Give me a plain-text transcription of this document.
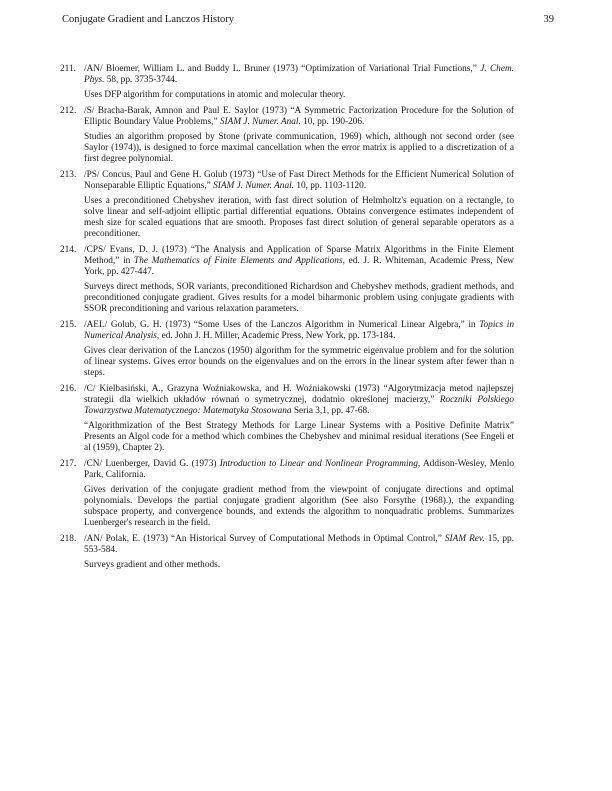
Conjugate Gradient and Lanczos History	39
211. /AN/ Bloemer, William L. and Buddy L. Bruner (1973) “Optimization of Variational Trial Functions,” J. Chem. Phys. 58, pp. 3735-3744.
Uses DFP algorithm for computations in atomic and molecular theory.
212. /S/ Bracha-Barak, Amnon and Paul E. Saylor (1973) “A Symmetric Factorization Procedure for the Solution of Elliptic Boundary Value Problems,” SIAM J. Numer. Anal. 10, pp. 190-206.
Studies an algorithm proposed by Stone (private communication, 1969) which, although not second order (see Saylor (1974)), is designed to force maximal cancellation when the error matrix is applied to a discretization of a first degree polynomial.
213. /PS/ Concus, Paul and Gene H. Golub (1973) “Use of Fast Direct Methods for the Efficient Numerical Solution of Nonseparable Elliptic Equations,” SIAM J. Numer. Anal. 10, pp. 1103-1120.
Uses a preconditioned Chebyshev iteration, with fast direct solution of Helmholtz's equation on a rectangle, to solve linear and self-adjoint elliptic partial differential equations. Obtains convergence estimates independent of mesh size for scaled equations that are smooth. Proposes fast direct solution of general separable operators as a preconditioner.
214. /CPS/ Evans, D. J. (1973) “The Analysis and Application of Sparse Matrix Algorithms in the Finite Element Method,” in The Mathematics of Finite Elements and Applications, ed. J. R. Whiteman, Academic Press, New York, pp. 427-447.
Surveys direct methods, SOR variants, preconditioned Richardson and Chebyshev methods, gradient methods, and preconditioned conjugate gradient. Gives results for a model biharmonic problem using conjugate gradients with SSOR preconditioning and various relaxation parameters.
215. /AEL/ Golub, G. H. (1973) “Some Uses of the Lanczos Algorithm in Numerical Linear Algebra,” in Topics in Numerical Analysis, ed. John J. H. Miller, Academic Press, New York, pp. 173-184.
Gives clear derivation of the Lanczos (1950) algorithm for the symmetric eigenvalue problem and for the solution of linear systems. Gives error bounds on the eigenvalues and on the errors in the linear system after fewer than n steps.
216. /C/ Kielbasiński, A., Grazyna Woźniakowska, and H. Woźniakowski (1973) “Algorytmizacja metod najlepszej strategii dla wielkich układów równań o symetrycznej, dodatnio określonej macierzy,” Roczniki Polskiego Towarzystwa Matematycznego: Matematyka Stosowana Seria 3,1, pp. 47-68.
“Algorithmization of the Best Strategy Methods for Large Linear Systems with a Positive Definite Matrix” Presents an Algol code for a method which combines the Chebyshev and minimal residual iterations (See Engeli et al (1959), Chapter 2).
217. /CN/ Luenberger, David G. (1973) Introduction to Linear and Nonlinear Programming, Addison-Wesley, Menlo Park, California.
Gives derivation of the conjugate gradient method from the viewpoint of conjugate directions and optimal polynomials. Develops the partial conjugate gradient algorithm (See also Forsythe (1968).), the expanding subspace property, and convergence bounds, and extends the algorithm to nonquadratic problems. Summarizes Luenberger's research in the field.
218. /AN/ Polak, E. (1973) “An Historical Survey of Computational Methods in Optimal Control,” SIAM Rev. 15, pp. 553-584.
Surveys gradient and other methods.
